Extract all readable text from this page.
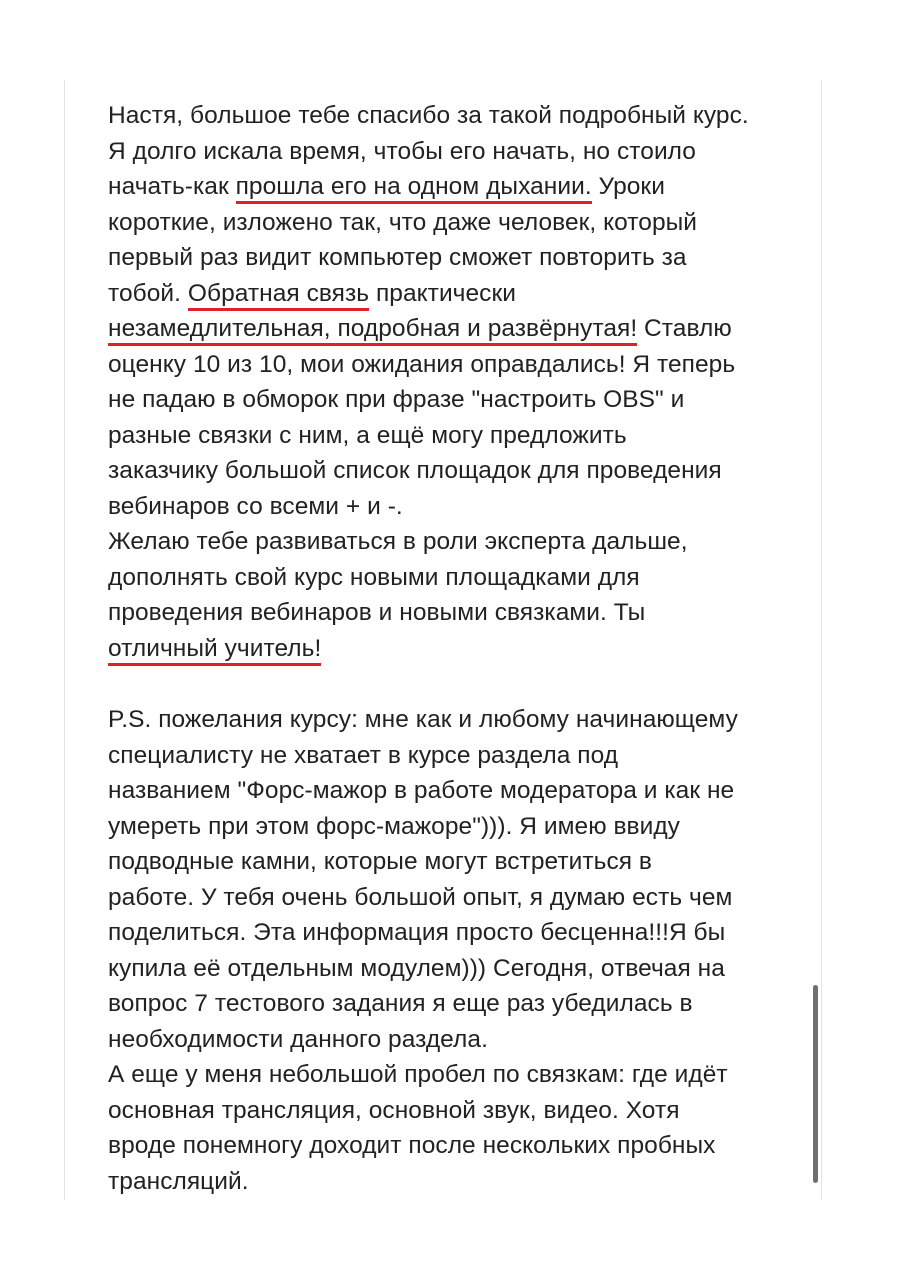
Настя, большое тебе спасибо за такой подробный курс.
Я долго искала время, чтобы его начать, но стоило
начать-как прошла его на одном дыхании. Уроки
короткие, изложено так, что даже человек, который
первый раз видит компьютер сможет повторить за
тобой. Обратная связь практически
незамедлительная, подробная и развёрнутая! Ставлю
оценку 10 из 10, мои ожидания оправдались! Я теперь
не падаю в обморок при фразе "настроить OBS" и
разные связки с ним, а ещё могу предложить
заказчику большой список площадок для проведения
вебинаров со всеми + и -.
Желаю тебе развиваться в роли эксперта дальше,
дополнять свой курс новыми площадками для
проведения вебинаров и новыми связками. Ты
отличный учитель!
P.S. пожелания курсу: мне как и любому начинающему
специалисту не хватает в курсе раздела под
названием "Форс-мажор в работе модератора и как не
умереть при этом форс-мажоре"))). Я имею ввиду
подводные камни, которые могут встретиться в
работе. У тебя очень большой опыт, я думаю есть чем
поделиться. Эта информация просто бесценна!!!Я бы
купила её отдельным модулем))) Сегодня, отвечая на
вопрос 7 тестового задания я еще раз убедилась в
необходимости данного раздела.
А еще у меня небольшой пробел по связкам: где идёт
основная трансляция, основной звук, видео. Хотя
вроде понемногу доходит после нескольких пробных
трансляций.
